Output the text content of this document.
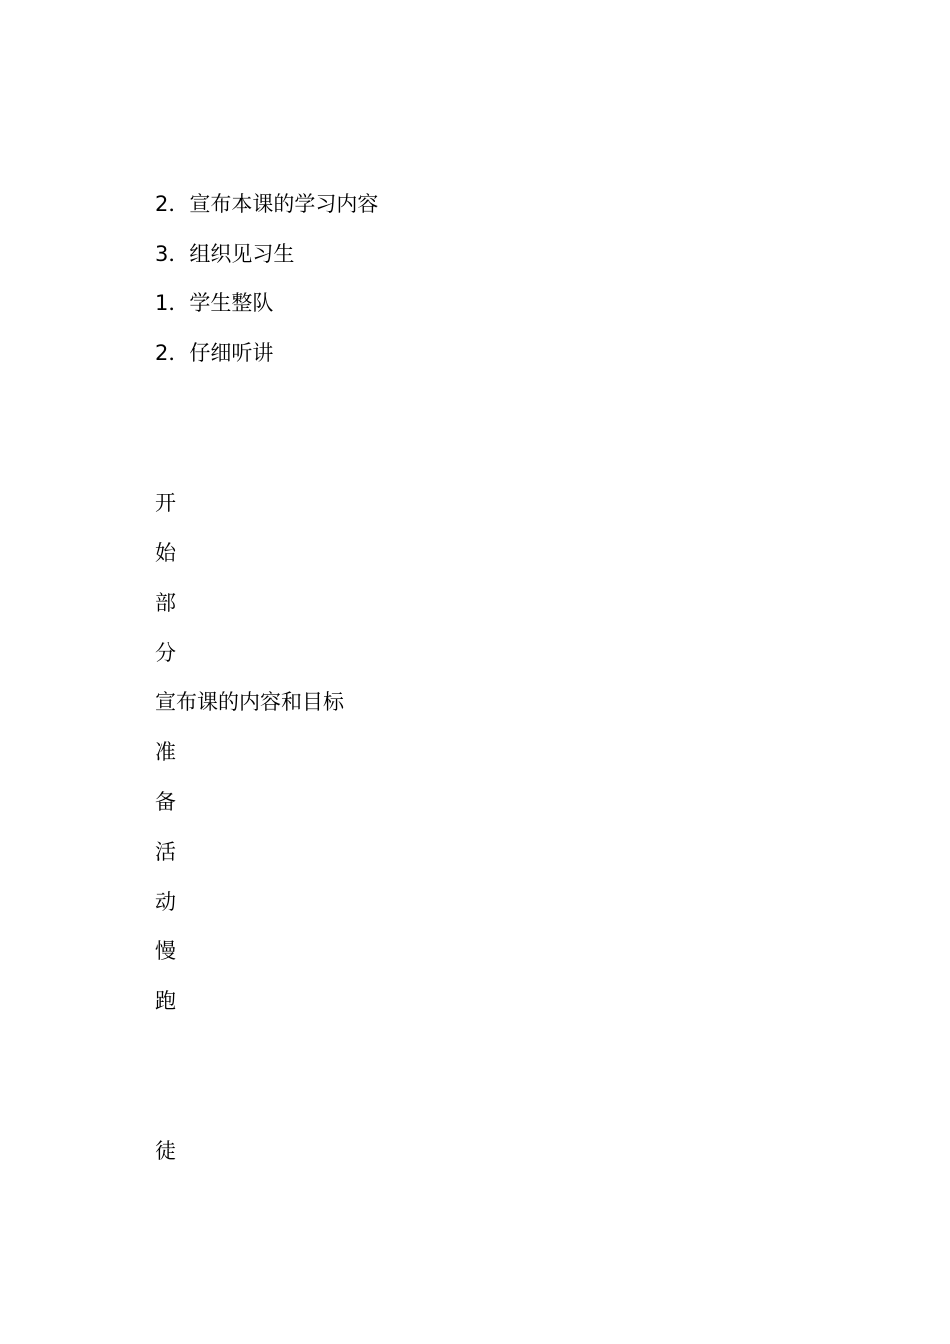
2．宣布本课的学习内容
3．组织见习生
1．学生整队
2．仔细听讲
开
始
部
分
宣布课的内容和目标
准
备
活
动
慢
跑
徒
